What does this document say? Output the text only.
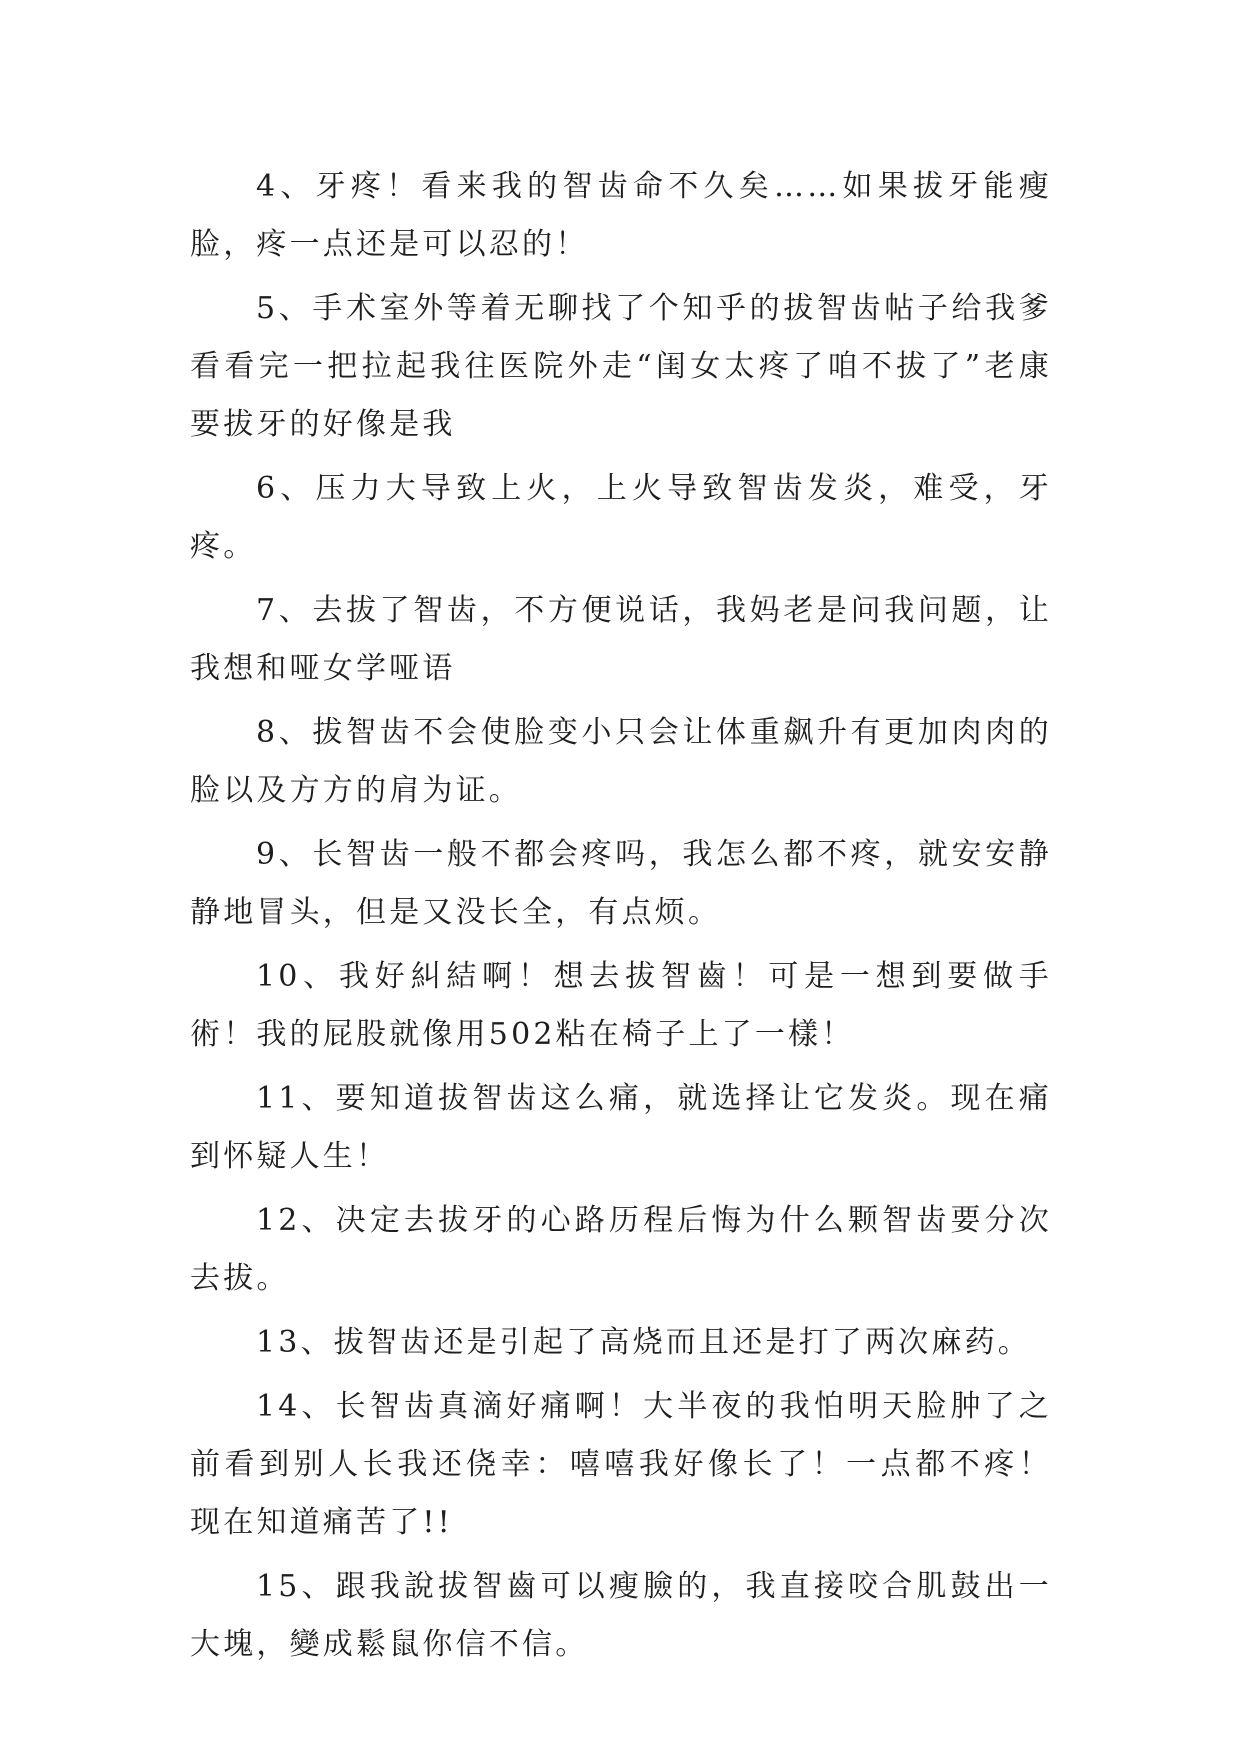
4、牙疼！看来我的智齿命不久矣……如果拔牙能瘦脸，疼一点还是可以忍的！

5、手术室外等着无聊找了个知乎的拔智齿帖子给我爹看看完一把拉起我往医院外走“闺女太疼了咱不拔了”老康要拔牙的好像是我

6、压力大导致上火，上火导致智齿发炎，难受，牙疼。

7、去拔了智齿，不方便说话，我妈老是问我问题，让我想和哑女学哑语

8、拔智齿不会使脸变小只会让体重飙升有更加肉肉的脸以及方方的肩为证。

9、长智齿一般不都会疼吗，我怎么都不疼，就安安静静地冒头，但是又没长全，有点烦。

10、我好糾結啊！想去拔智齒！可是一想到要做手術！我的屁股就像用502粘在椅子上了一樣！

11、要知道拔智齿这么痛，就选择让它发炎。现在痛到怀疑人生！

12、决定去拔牙的心路历程后悔为什么颗智齿要分次去拔。

13、拔智齿还是引起了高烧而且还是打了两次麻药。

14、长智齿真滴好痛啊！大半夜的我怕明天脸肿了之前看到别人长我还侥幸：嘻嘻我好像长了！一点都不疼！现在知道痛苦了!!

15、跟我說拔智齒可以瘦臉的，我直接咬合肌鼓出一大塊，變成鬆鼠你信不信。
